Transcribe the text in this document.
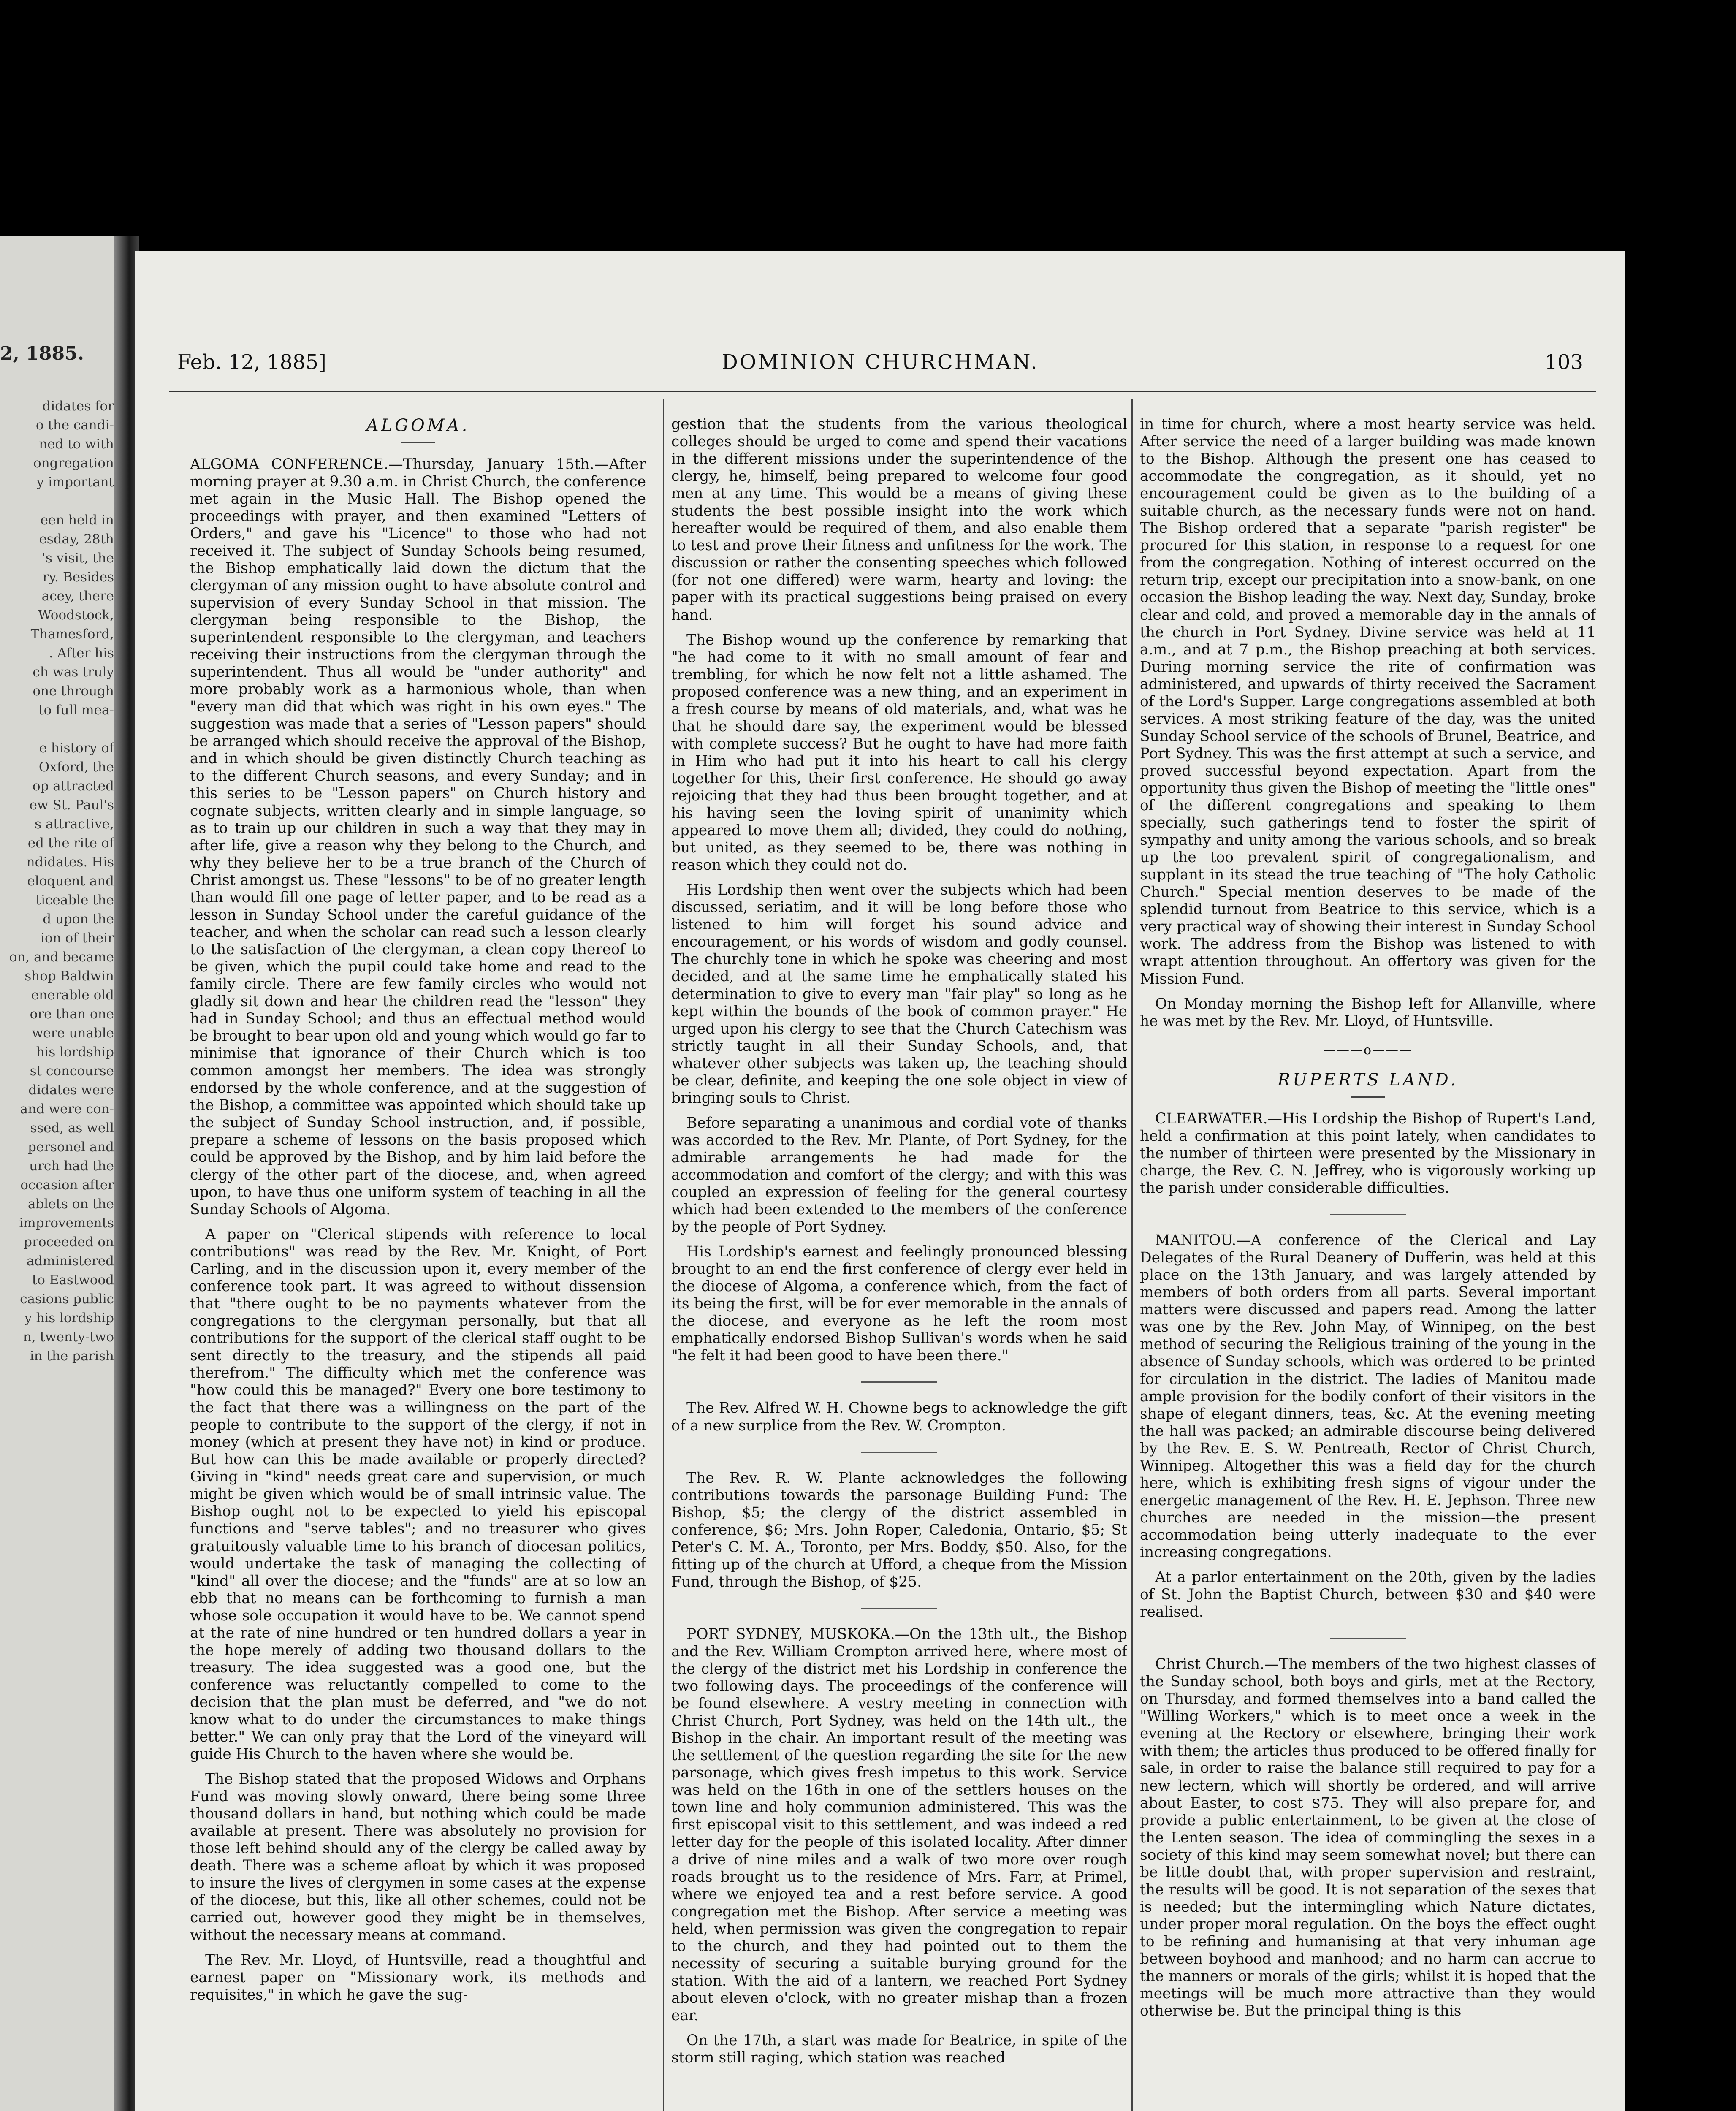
2, 1885.
didates for
o the candi-
ned to with
ongregation
y important

een held in
esday, 28th
's visit, the
ry. Besides
acey, there
Woodstock,
Thamesford,
. After his
ch was truly
one through
to full mea-

e history of
Oxford, the
op attracted
ew St. Paul's
s attractive,
ed the rite of
ndidates. His
eloquent and
ticeable the
d upon the
ion of their
on, and became
shop Baldwin
enerable old
ore than one
were unable
his lordship
st concourse
didates were
and were con-
ssed, as well
personel and
urch had the
occasion after
ablets on the
improvements
proceeded on
administered
to Eastwood
casions public
y his lordship
n, twenty-two
in the parish
Feb. 12, 1885]	DOMINION CHURCHMAN.	103
ALGOMA.

ALGOMA CONFERENCE.—Thursday, January 15th.—After morning prayer at 9.30 a.m. in Christ Church, the conference met again in the Music Hall. The Bishop opened the proceedings with prayer, and then examined "Letters of Orders," and gave his "Licence" to those who had not received it. The subject of Sunday Schools being resumed, the Bishop emphatically laid down the dictum that the clergyman of any mission ought to have absolute control and supervision of every Sunday School in that mission. The clergyman being responsible to the Bishop, the superintendent responsible to the clergyman, and teachers receiving their instructions from the clergyman through the superintendent. Thus all would be "under authority" and more probably work as a harmonious whole, than when "every man did that which was right in his own eyes." The suggestion was made that a series of "Lesson papers" should be arranged which should receive the approval of the Bishop, and in which should be given distinctly Church teaching as to the different Church seasons, and every Sunday; and in this series to be "Lesson papers" on Church history and cognate subjects, written clearly and in simple language, so as to train up our children in such a way that they may in after life, give a reason why they belong to the Church, and why they believe her to be a true branch of the Church of Christ amongst us. These "lessons" to be of no greater length than would fill one page of letter paper, and to be read as a lesson in Sunday School under the careful guidance of the teacher, and when the scholar can read such a lesson clearly to the satisfaction of the clergyman, a clean copy thereof to be given, which the pupil could take home and read to the family circle. There are few family circles who would not gladly sit down and hear the children read the "lesson" they had in Sunday School; and thus an effectual method would be brought to bear upon old and young which would go far to minimise that ignorance of their Church which is too common amongst her members. The idea was strongly endorsed by the whole conference, and at the suggestion of the Bishop, a committee was appointed which should take up the subject of Sunday School instruction, and, if possible, prepare a scheme of lessons on the basis proposed which could be approved by the Bishop, and by him laid before the clergy of the other part of the diocese, and, when agreed upon, to have thus one uniform system of teaching in all the Sunday Schools of Algoma.

A paper on "Clerical stipends with reference to local contributions" was read by the Rev. Mr. Knight, of Port Carling, and in the discussion upon it, every member of the conference took part. It was agreed to without dissension that "there ought to be no payments whatever from the congregations to the clergyman personally, but that all contributions for the support of the clerical staff ought to be sent directly to the treasury, and the stipends all paid therefrom." The difficulty which met the conference was "how could this be managed?" Every one bore testimony to the fact that there was a willingness on the part of the people to contribute to the support of the clergy, if not in money (which at present they have not) in kind or produce. But how can this be made available or properly directed? Giving in "kind" needs great care and supervision, or much might be given which would be of small intrinsic value. The Bishop ought not to be expected to yield his episcopal functions and "serve tables"; and no treasurer who gives gratuitously valuable time to his branch of diocesan politics, would undertake the task of managing the collecting of "kind" all over the diocese; and the "funds" are at so low an ebb that no means can be forthcoming to furnish a man whose sole occupation it would have to be. We cannot spend at the rate of nine hundred or ten hundred dollars a year in the hope merely of adding two thousand dollars to the treasury. The idea suggested was a good one, but the conference was reluctantly compelled to come to the decision that the plan must be deferred, and "we do not know what to do under the circumstances to make things better." We can only pray that the Lord of the vineyard will guide His Church to the haven where she would be.

The Bishop stated that the proposed Widows and Orphans Fund was moving slowly onward, there being some three thousand dollars in hand, but nothing which could be made available at present. There was absolutely no provision for those left behind should any of the clergy be called away by death. There was a scheme afloat by which it was proposed to insure the lives of clergymen in some cases at the expense of the diocese, but this, like all other schemes, could not be carried out, however good they might be in themselves, without the necessary means at command.

The Rev. Mr. Lloyd, of Huntsville, read a thoughtful and earnest paper on "Missionary work, its methods and requisites," in which he gave the sug-

gestion that the students from the various theological colleges should be urged to come and spend their vacations in the different missions under the superintendence of the clergy, he, himself, being prepared to welcome four good men at any time. This would be a means of giving these students the best possible insight into the work which hereafter would be required of them, and also enable them to test and prove their fitness and unfitness for the work. The discussion or rather the consenting speeches which followed (for not one differed) were warm, hearty and loving: the paper with its practical suggestions being praised on every hand.

The Bishop wound up the conference by remarking that "he had come to it with no small amount of fear and trembling, for which he now felt not a little ashamed. The proposed conference was a new thing, and an experiment in a fresh course by means of old materials, and, what was he that he should dare say, the experiment would be blessed with complete success? But he ought to have had more faith in Him who had put it into his heart to call his clergy together for this, their first conference. He should go away rejoicing that they had thus been brought together, and at his having seen the loving spirit of unanimity which appeared to move them all; divided, they could do nothing, but united, as they seemed to be, there was nothing in reason which they could not do.

His Lordship then went over the subjects which had been discussed, seriatim, and it will be long before those who listened to him will forget his sound advice and encouragement, or his words of wisdom and godly counsel. The churchly tone in which he spoke was cheering and most decided, and at the same time he emphatically stated his determination to give to every man "fair play" so long as he kept within the bounds of the book of common prayer." He urged upon his clergy to see that the Church Catechism was strictly taught in all their Sunday Schools, and, that whatever other subjects was taken up, the teaching should be clear, definite, and keeping the one sole object in view of bringing souls to Christ.

Before separating a unanimous and cordial vote of thanks was accorded to the Rev. Mr. Plante, of Port Sydney, for the admirable arrangements he had made for the accommodation and comfort of the clergy; and with this was coupled an expression of feeling for the general courtesy which had been extended to the members of the conference by the people of Port Sydney.

His Lordship's earnest and feelingly pronounced blessing brought to an end the first conference of clergy ever held in the diocese of Algoma, a conference which, from the fact of its being the first, will be for ever memorable in the annals of the diocese, and everyone as he left the room most emphatically endorsed Bishop Sullivan's words when he said "he felt it had been good to have been there."

The Rev. Alfred W. H. Chowne begs to acknowledge the gift of a new surplice from the Rev. W. Crompton.

The Rev. R. W. Plante acknowledges the following contributions towards the parsonage Building Fund: The Bishop, $5; the clergy of the district assembled in conference, $6; Mrs. John Roper, Caledonia, Ontario, $5; St Peter's C. M. A., Toronto, per Mrs. Boddy, $50. Also, for the fitting up of the church at Ufford, a cheque from the Mission Fund, through the Bishop, of $25.

PORT SYDNEY, MUSKOKA.—On the 13th ult., the Bishop and the Rev. William Crompton arrived here, where most of the clergy of the district met his Lordship in conference the two following days. The proceedings of the conference will be found elsewhere. A vestry meeting in connection with Christ Church, Port Sydney, was held on the 14th ult., the Bishop in the chair. An important result of the meeting was the settlement of the question regarding the site for the new parsonage, which gives fresh impetus to this work. Service was held on the 16th in one of the settlers houses on the town line and holy communion administered. This was the first episcopal visit to this settlement, and was indeed a red letter day for the people of this isolated locality. After dinner a drive of nine miles and a walk of two more over rough roads brought us to the residence of Mrs. Farr, at Primel, where we enjoyed tea and a rest before service. A good congregation met the Bishop. After service a meeting was held, when permission was given the congregation to repair to the church, and they had pointed out to them the necessity of securing a suitable burying ground for the station. With the aid of a lantern, we reached Port Sydney about eleven o'clock, with no greater mishap than a frozen ear.

On the 17th, a start was made for Beatrice, in spite of the storm still raging, which station was reached

in time for church, where a most hearty service was held. After service the need of a larger building was made known to the Bishop. Although the present one has ceased to accommodate the congregation, as it should, yet no encouragement could be given as to the building of a suitable church, as the necessary funds were not on hand. The Bishop ordered that a separate "parish register" be procured for this station, in response to a request for one from the congregation. Nothing of interest occurred on the return trip, except our precipitation into a snow-bank, on one occasion the Bishop leading the way. Next day, Sunday, broke clear and cold, and proved a memorable day in the annals of the church in Port Sydney. Divine service was held at 11 a.m., and at 7 p.m., the Bishop preaching at both services. During morning service the rite of confirmation was administered, and upwards of thirty received the Sacrament of the Lord's Supper. Large congregations assembled at both services. A most striking feature of the day, was the united Sunday School service of the schools of Brunel, Beatrice, and Port Sydney. This was the first attempt at such a service, and proved successful beyond expectation. Apart from the opportunity thus given the Bishop of meeting the "little ones" of the different congregations and speaking to them specially, such gatherings tend to foster the spirit of sympathy and unity among the various schools, and so break up the too prevalent spirit of congregationalism, and supplant in its stead the true teaching of "The holy Catholic Church." Special mention deserves to be made of the splendid turnout from Beatrice to this service, which is a very practical way of showing their interest in Sunday School work. The address from the Bishop was listened to with wrapt attention throughout. An offertory was given for the Mission Fund.

On Monday morning the Bishop left for Allanville, where he was met by the Rev. Mr. Lloyd, of Huntsville.

———o———
RUPERTS LAND.

CLEARWATER.—His Lordship the Bishop of Rupert's Land, held a confirmation at this point lately, when candidates to the number of thirteen were presented by the Missionary in charge, the Rev. C. N. Jeffrey, who is vigorously working up the parish under considerable difficulties.

MANITOU.—A conference of the Clerical and Lay Delegates of the Rural Deanery of Dufferin, was held at this place on the 13th January, and was largely attended by members of both orders from all parts. Several important matters were discussed and papers read. Among the latter was one by the Rev. John May, of Winnipeg, on the best method of securing the Religious training of the young in the absence of Sunday schools, which was ordered to be printed for circulation in the district. The ladies of Manitou made ample provision for the bodily confort of their visitors in the shape of elegant dinners, teas, &c. At the evening meeting the hall was packed; an admirable discourse being delivered by the Rev. E. S. W. Pentreath, Rector of Christ Church, Winnipeg. Altogether this was a field day for the church here, which is exhibiting fresh signs of vigour under the energetic management of the Rev. H. E. Jephson. Three new churches are needed in the mission—the present accommodation being utterly inadequate to the ever increasing congregations.

At a parlor entertainment on the 20th, given by the ladies of St. John the Baptist Church, between $30 and $40 were realised.

Christ Church.—The members of the two highest classes of the Sunday school, both boys and girls, met at the Rectory, on Thursday, and formed themselves into a band called the "Willing Workers," which is to meet once a week in the evening at the Rectory or elsewhere, bringing their work with them; the articles thus produced to be offered finally for sale, in order to raise the balance still required to pay for a new lectern, which will shortly be ordered, and will arrive about Easter, to cost $75. They will also prepare for, and provide a public entertainment, to be given at the close of the Lenten season. The idea of commingling the sexes in a society of this kind may seem somewhat novel; but there can be little doubt that, with proper supervision and restraint, the results will be good. It is not separation of the sexes that is needed; but the intermingling which Nature dictates, under proper moral regulation. On the boys the effect ought to be refining and humanising at that very inhuman age between boyhood and manhood; and no harm can accrue to the manners or morals of the girls; whilst it is hoped that the meetings will be much more attractive than they would otherwise be. But the principal thing is this
